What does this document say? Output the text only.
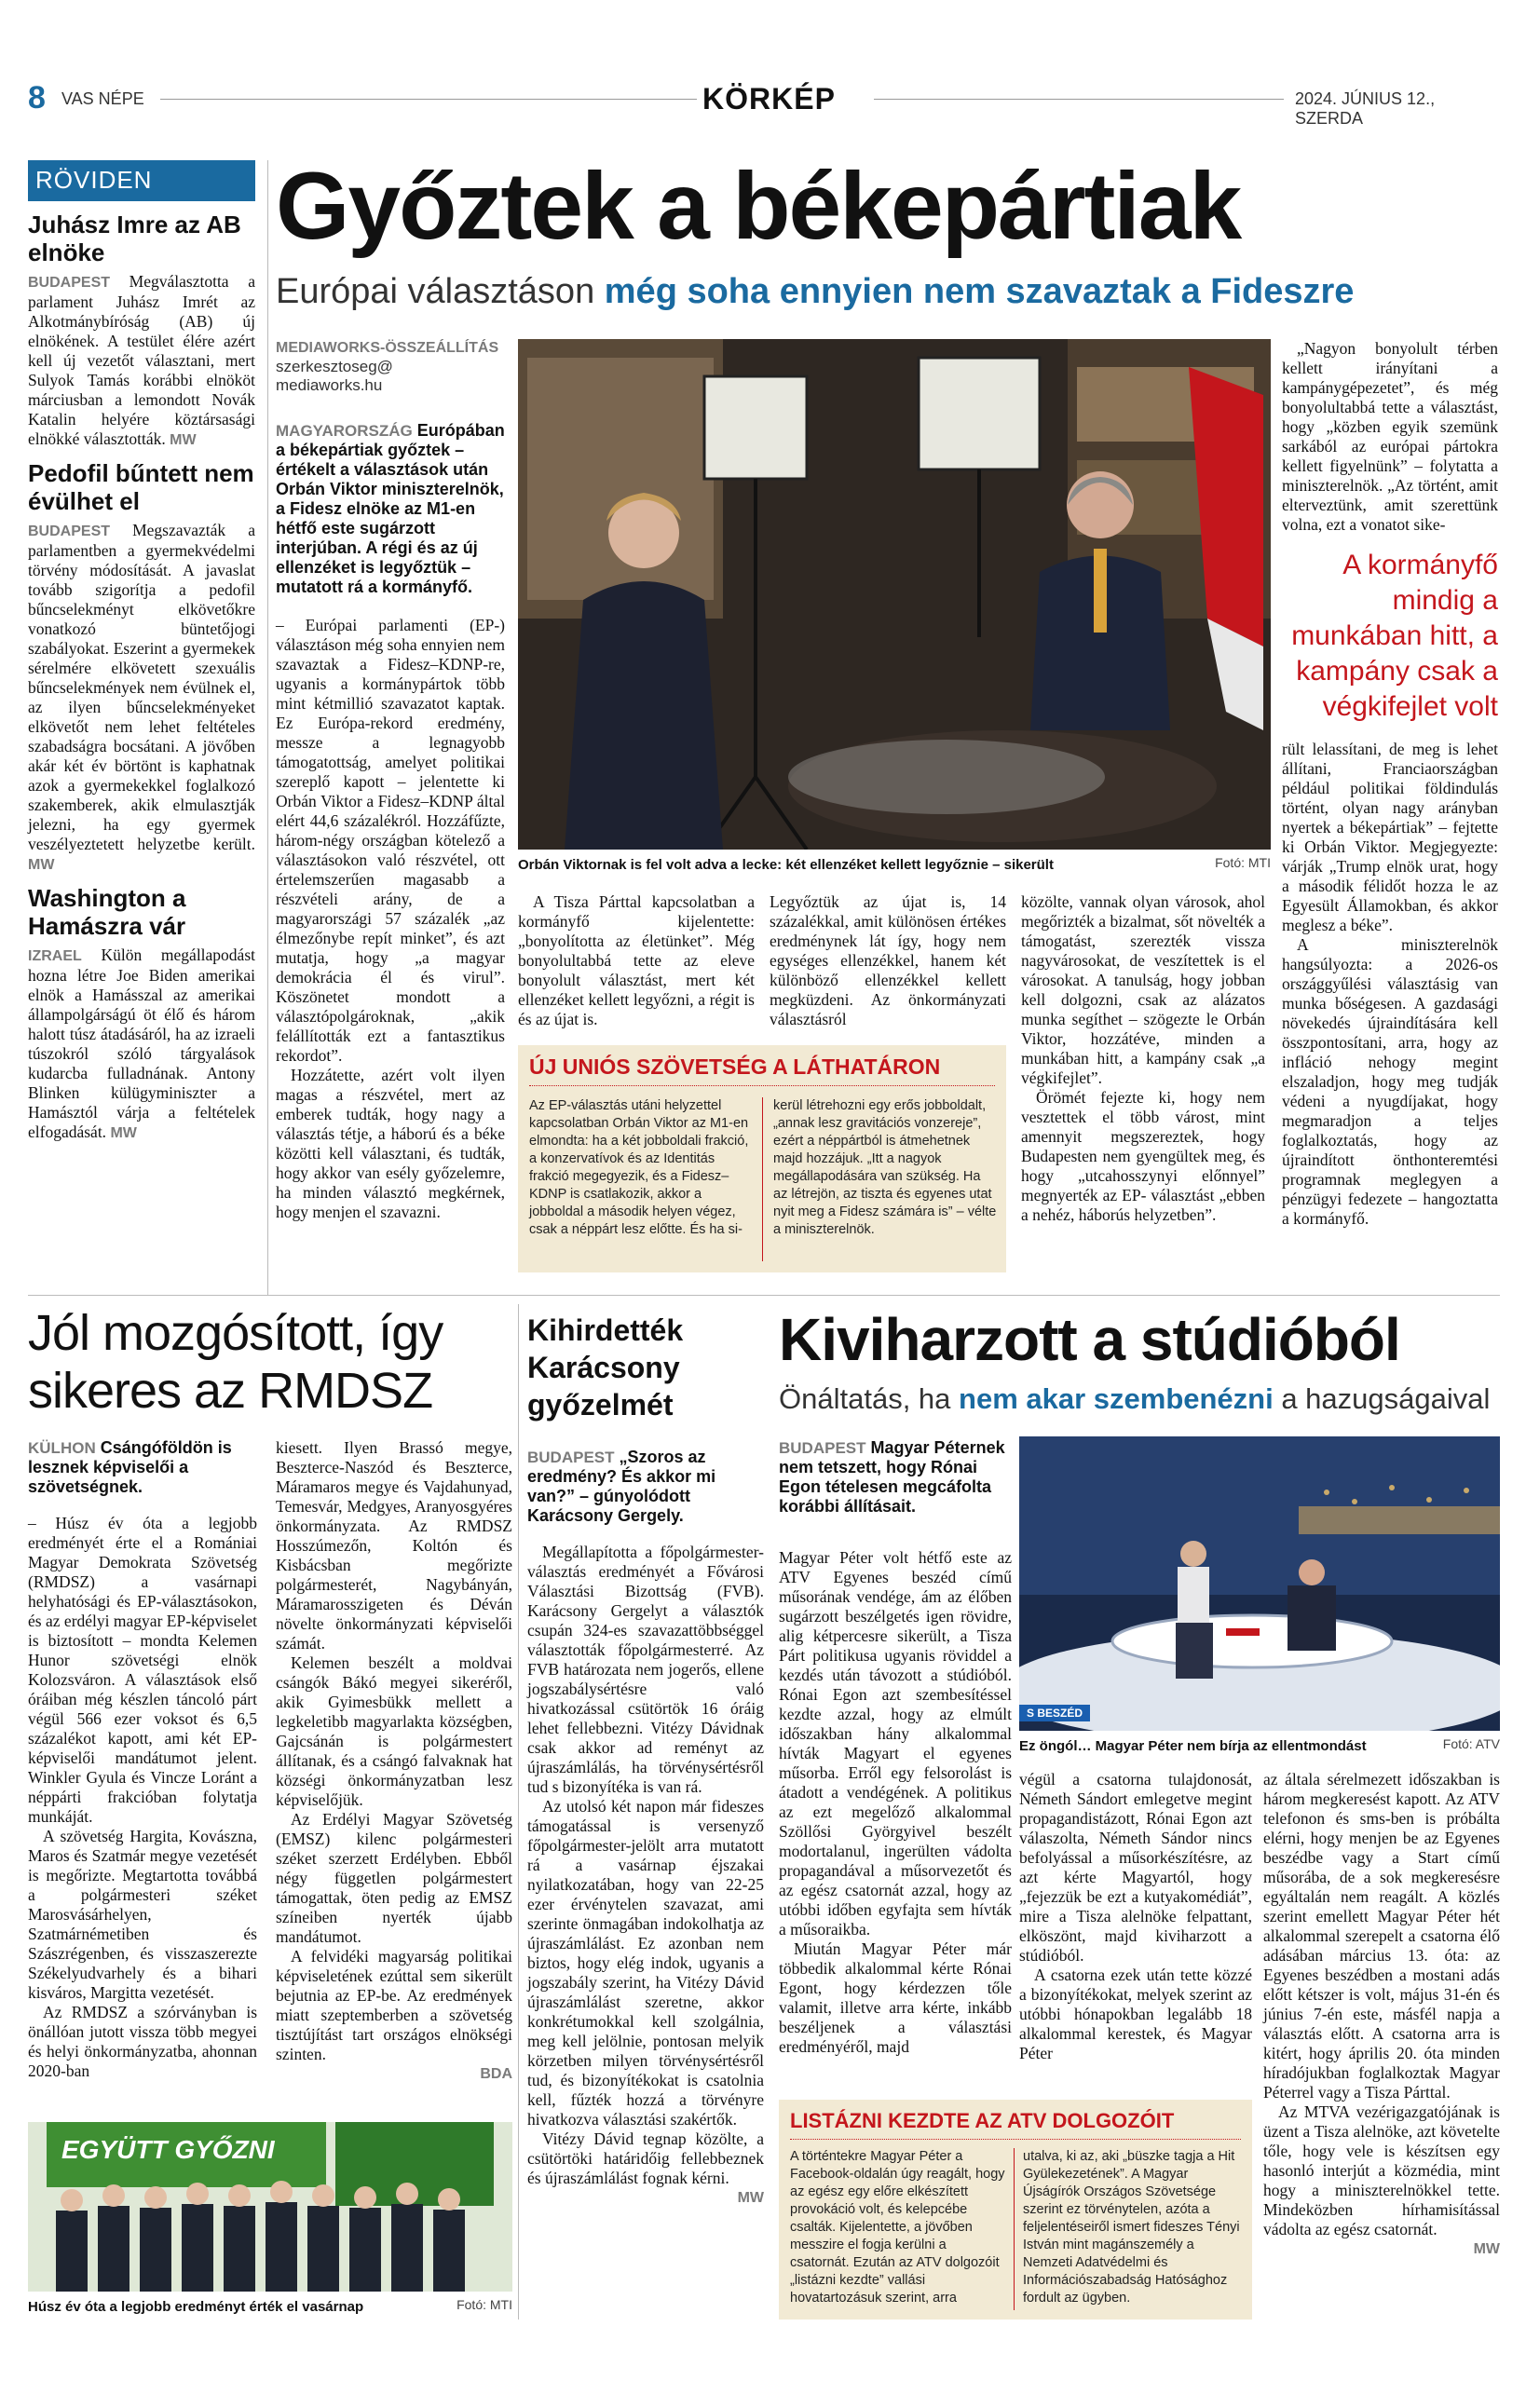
8 VAS NÉPE	KÖRKÉP	2024. JÚNIUS 12., SZERDA
RÖVIDEN
Juhász Imre az AB elnöke
BUDAPEST Megválasztotta a parlament Juhász Imrét az Alkotmánybíróság (AB) új elnökének. A testület élére azért kell új vezetőt választani, mert Sulyok Tamás korábbi elnököt márciusban a lemondott Novák Katalin helyére köztársasági elnökké választották. MW
Pedofil bűntett nem évülhet el
BUDAPEST Megszavazták a parlamentben a gyermekvédelmi törvény módosítását. A javaslat tovább szigorítja a pedofil bűncselekményt elkövetőkre vonatkozó büntetőjogi szabályokat. Eszerint a gyermekek sérelmére elkövetett szexuális bűncselekmények nem évülnek el, az ilyen bűncselekményeket elkövetőt nem lehet feltételes szabadságra bocsátani. A jövőben akár két év börtönt is kaphatnak azok a gyermekekkel foglalkozó szakemberek, akik elmulasztják jelezni, ha egy gyermek veszélyeztetett helyzetbe került. MW
Washington a Hamászra vár
IZRAEL Külön megállapodást hozna létre Joe Biden amerikai elnök a Hamásszal az amerikai állampolgárságú öt élő és három halott túsz átadásáról, ha az izraeli túszokról szóló tárgyalások kudarcba fulladnának. Antony Blinken külügyminiszter a Hamásztól várja a feltételek elfogadását. MW
Győztek a békepártiak
Európai választáson még soha ennyien nem szavaztak a Fideszre
MEDIAWORKS-ÖSSZEÁLLÍTÁS
szerkesztoseg@
mediaworks.hu
MAGYARORSZÁG Európában a békepártiak győztek – értékelt a választások után Orbán Viktor miniszterelnök, a Fidesz elnöke az M1-en hétfő este sugárzott interjúban. A régi és az új ellenzéket is legyőztük – mutatott rá a kormányfő.

– Európai parlamenti (EP-) választáson még soha ennyien nem szavaztak a Fidesz–KDNP-re, ugyanis a kormánypártok több mint kétmillió szavazatot kaptak. Ez Európa-rekord eredmény, messze a legnagyobb támogatottság, amelyet politikai szereplő kapott – jelentette ki Orbán Viktor a Fidesz–KDNP által elért 44,6 százalékról. Hozzáfűzte, három-négy országban kötelező a választásokon való részvétel, ott értelemszerűen magasabb a részvételi arány, de a magyarországi 57 százalék „az élmezőnybe repít minket”, és azt mutatja, hogy „a magyar demokrácia él és virul”. Köszönetet mondott a választópolgároknak, „akik felállították ezt a fantasztikus rekordot”.

Hozzátette, azért volt ilyen magas a részvétel, mert az emberek tudták, hogy nagy a választás tétje, a háború és a béke közötti kell választani, és tudták, hogy akkor van esély győzelemre, ha minden választó megkérnek, hogy menjen el szavazni.

Orbán Viktornak is fel volt adva a lecke: két ellenzéket kellett legyőznie – sikerült	Fotó: MTI

A Tisza Párttal kapcsolatban a kormányfő kijelentette: „bonyolította az életünket”. Még bonyolultabbá tette az eleve bonyolult választást, mert két ellenzéket kellett legyőzni, a régit is és az újat is.

Legyőztük az újat is, 14 százalékkal, amit különösen értékes eredménynek lát így, hogy nem egységes ellenzékkel, hanem két különböző ellenzékkel kellett megküzdeni. Az önkormányzati választásról

közölte, vannak olyan városok, ahol megőrizték a bizalmat, sőt növelték a támogatást, szerezték vissza nagyvárosokat, de veszítettek is el városokat. A tanulság, hogy jobban kell dolgozni, csak az alázatos munka segíthet – szögezte le Orbán Viktor, hozzátéve, minden a munkában hitt, a kampány csak „a végkifejlet”.

Örömét fejezte ki, hogy nem vesztettek el több várost, mint amennyit megszereztek, hogy Budapesten nem gyengültek meg, és hogy „utcahosszynyi előnnyel” megnyerték az EP- választást „ebben a nehéz, háborús helyzetben”.

ÚJ UNIÓS SZÖVETSÉG A LÁTHATÁRON
Az EP-választás utáni helyzettel kapcsolatban Orbán Viktor az M1-en elmondta: ha a két jobboldali frakció, a konzervatívok és az Identitás frakció megegyezik, és a Fidesz–KDNP is csatlakozik, akkor a jobboldal a második helyen végez, csak a néppárt lesz előtte. És ha si-
kerül létrehozni egy erős jobboldalt, „annak lesz gravitációs vonzereje”, ezért a néppártból is átmehetnek majd hozzájuk. „Itt a nagyok megállapodására van szükség. Ha az létrejön, az tiszta és egyenes utat nyit meg a Fidesz számára is” – vélte a miniszterelnök.

„Nagyon bonyolult térben kellett irányítani a kampánygépezetet”, és még bonyolultabbá tette a választást, hogy „közben egyik szemünk sarkából az európai pártokra kellett figyelnünk” – folytatta a miniszterelnök. „Az történt, amit elterveztünk, amit szerettünk volna, ezt a vonatot sike-

A kormányfő mindig a munkában hitt, a kampány csak a végkifejlet volt

rült lelassítani, de meg is lehet állítani, Franciaországban például politikai földindulás történt, olyan nagy arányban nyertek a békepártiak” – fejtette ki Orbán Viktor. Megjegyezte: várják „Trump elnök urat, hogy a második félidőt hozza le az Egyesült Államokban, és akkor meglesz a béke”.

A miniszterelnök hangsúlyozta: a 2026-os országgyűlési választásig van munka bőségesen. A gazdasági növekedés újraindítására kell összpontosítani, arra, hogy az infláció nehogy megint elszaladjon, hogy meg tudják védeni a nyugdíjakat, hogy megmaradjon a teljes foglalkoztatás, hogy az újraindított önthonteremtési programnak meglegyen a pénzügyi fedezete – hangoztatta a kormányfő.

Jól mozgósított, így sikeres az RMDSZ
KÜLHON Csángóföldön is lesznek képviselői a szövetségnek.

– Húsz év óta a legjobb eredményét érte el a Romániai Magyar Demokrata Szövetség (RMDSZ) a vasárnapi helyhatósági és EP-választásokon, és az erdélyi magyar EP-képviselet is biztosított – mondta Kelemen Hunor szövetségi elnök Kolozsváron. A választások első óráiban még készlen táncoló párt végül 566 ezer voksot és 6,5 százalékot kapott, ami két EP-képviselői mandátumot jelent. Winkler Gyula és Vincze Loránt a néppárti frakcióban folytatja munkáját.

A szövetség Hargita, Kovászna, Maros és Szatmár megye vezetését is megőrizte. Megtartotta továbbá a polgármesteri széket Marosvásárhelyen, Szatmárnémetiben és Szászrégenben, és visszaszerezte Székelyudvarhely és a bihari kisváros, Margitta vezetését.

Az RMDSZ a szórványban is önállóan jutott vissza több megyei és helyi önkormányzatba, ahonnan 2020-ban

kiesett. Ilyen Brassó megye, Beszterce-Naszód és Beszterce, Máramaros megye és Vajdahunyad, Temesvár, Medgyes, Aranyosgyéres önkormányzata. Az RMDSZ Hosszúmezőn, Koltón és Kisbácsban megőrizte polgármesterét, Nagybányán, Máramarosszigeten és Déván növelte önkormányzati képviselői számát.

Kelemen beszélt a moldvai csángók Bákó megyei sikeréről, akik Gyimesbükk mellett a legkeletibb magyarlakta községben, Gajcsánán is polgármestert állítanak, és a csángó falvaknak hat községi önkormányzatban lesz képviselőjük.

Az Erdélyi Magyar Szövetség (EMSZ) kilenc polgármesteri széket szerzett Erdélyben. Ebből négy független polgármestert támogattak, öten pedig az EMSZ színeiben nyerték újabb mandátumot.

A felvidéki magyarság politikai képviseletének ezúttal sem sikerült bejutnia az EP-be. Az eredmények miatt szeptemberben a szövetség tisztújítást tart országos elnökségi szinten.

BDA
EGYÜTT GYŐZNI
Húsz év óta a legjobb eredményt érték el vasárnap	Fotó: MTI
Kihirdették Karácsony győzelmét
BUDAPEST „Szoros az eredmény? És akkor mi van?” – gúnyolódott Karácsony Gergely.

Megállapította a főpolgármester-választás eredményét a Fővárosi Választási Bizottság (FVB). Karácsony Gergelyt a választók csupán 324-es szavazattöbbséggel választották főpolgármesterré. Az FVB határozata nem jogerős, ellene jogszabálysértésre való hivatkozással csütörtök 16 óráig lehet fellebbezni. Vitézy Dávidnak csak akkor ad reményt az újraszámlálás, ha törvénysértésről tud s bizonyítéka is van rá.

Az utolsó két napon már fideszes támogatással is versenyző főpolgármester-jelölt arra mutatott rá a vasárnap éjszakai nyilatkozatában, hogy van 22-25 ezer érvénytelen szavazat, ami szerinte önmagában indokolhatja az újraszámlálást. Ez azonban nem biztos, hogy elég indok, ugyanis a jogszabály szerint, ha Vitézy Dávid újraszámlálást szeretne, akkor konkrétumokkal kell szolgálnia, meg kell jelölnie, pontosan melyik körzetben milyen törvénysértésről tud, és bizonyítékokat is csatolnia kell, fűzték hozzá a törvényre hivatkozva választási szakértők.

Vitézy Dávid tegnap közölte, a csütörtöki határidőig fellebbeznek és újraszámlálást fognak kérni.

MW
Kiviharzott a stúdióból
Önáltatás, ha nem akar szembenézni a hazugságaival
BUDAPEST Magyar Péternek nem tetszett, hogy Rónai Egon tételesen megcáfolta korábbi állításait.
S BESZÉD
Ez öngól… Magyar Péter nem bírja az ellentmondást	Fotó: ATV

Magyar Péter volt hétfő este az ATV Egyenes beszéd című műsorának vendége, ám az élőben sugárzott beszélgetés igen rövidre, alig kétpercesre sikerült, a Tisza Párt politikusa ugyanis röviddel a kezdés után távozott a stúdióból. Rónai Egon azt szembesítéssel kezdte azzal, hogy az elmúlt időszakban hány alkalommal hívták Magyart el egyenes műsorba. Erről egy felsorolást is átadott a vendégének. A politikus az ezt megelőző alkalommal Szöllősi Györgyivel beszélt modortalanul, ingerülten vádolta propagandával a műsorvezetőt és az egész csatornát azzal, hogy az utóbbi időben egyfajta sem hívták a műsoraikba.

Miután Magyar Péter már többedik alkalommal kérte Rónai Egont, hogy kérdezzen tőle valamit, illetve arra kérte, inkább beszéljenek a választási eredményéről, majd

végül a csatorna tulajdonosát, Németh Sándort emlegetve megint propagandistázott, Rónai Egon azt válaszolta, Németh Sándor nincs befolyással a műsorkészítésre, az azt kérte Magyartól, hogy „fejezzük be ezt a kutyakomédiát”, mire a Tisza alelnöke felpattant, elköszönt, majd kiviharzott a stúdióból.

A csatorna ezek után tette közzé a bizonyítékokat, melyek szerint az utóbbi hónapokban legalább 18 alkalommal kerestek, és Magyar Péter

az általa sérelmezett időszakban is három megkeresést kapott. Az ATV telefonon és sms-ben is próbálta elérni, hogy menjen be az Egyenes beszédbe vagy a Start című műsorába, de a sok megkeresésre egyáltalán nem reagált. A közlés szerint emellett Magyar Péter hét alkalommal szerepelt a csatorna élő adásában március 13. óta: az Egyenes beszédben a mostani adás előtt kétszer is volt, május 31-én és június 7-én este, másfél napja a választás előtt. A csatorna arra is kitért, hogy április 20. óta minden híradójukban foglalkoztak Magyar Péterrel vagy a Tisza Párttal.

Az MTVA vezérigazgatójának is üzent a Tisza alelnöke, azt követelte tőle, hogy vele is készítsen egy hasonló interjút a közmédia, mint hogy a miniszterelnökkel tette. Mindeközben hírhamisítással vádolta az egész csatornát.

MW
LISTÁZNI KEZDTE AZ ATV DOLGOZÓIT
A történtekre Magyar Péter a Facebook-oldalán úgy reagált, hogy az egész egy előre elkészített provokáció volt, és kelepcébe csalták. Kijelentette, a jövőben messzire el fogja kerülni a csatornát. Ezután az ATV dolgozóit „listázni kezdte” vallási hovatartozásuk szerint, arra
utalva, ki az, aki „büszke tagja a Hit Gyülekezetének”. A Magyar Újságírók Országos Szövetsége szerint ez törvénytelen, azóta a feljelentéseiről ismert fideszes Tényi István mint magánszemély a Nemzeti Adatvédelmi és Információszabadság Hatósághoz fordult az ügyben.
